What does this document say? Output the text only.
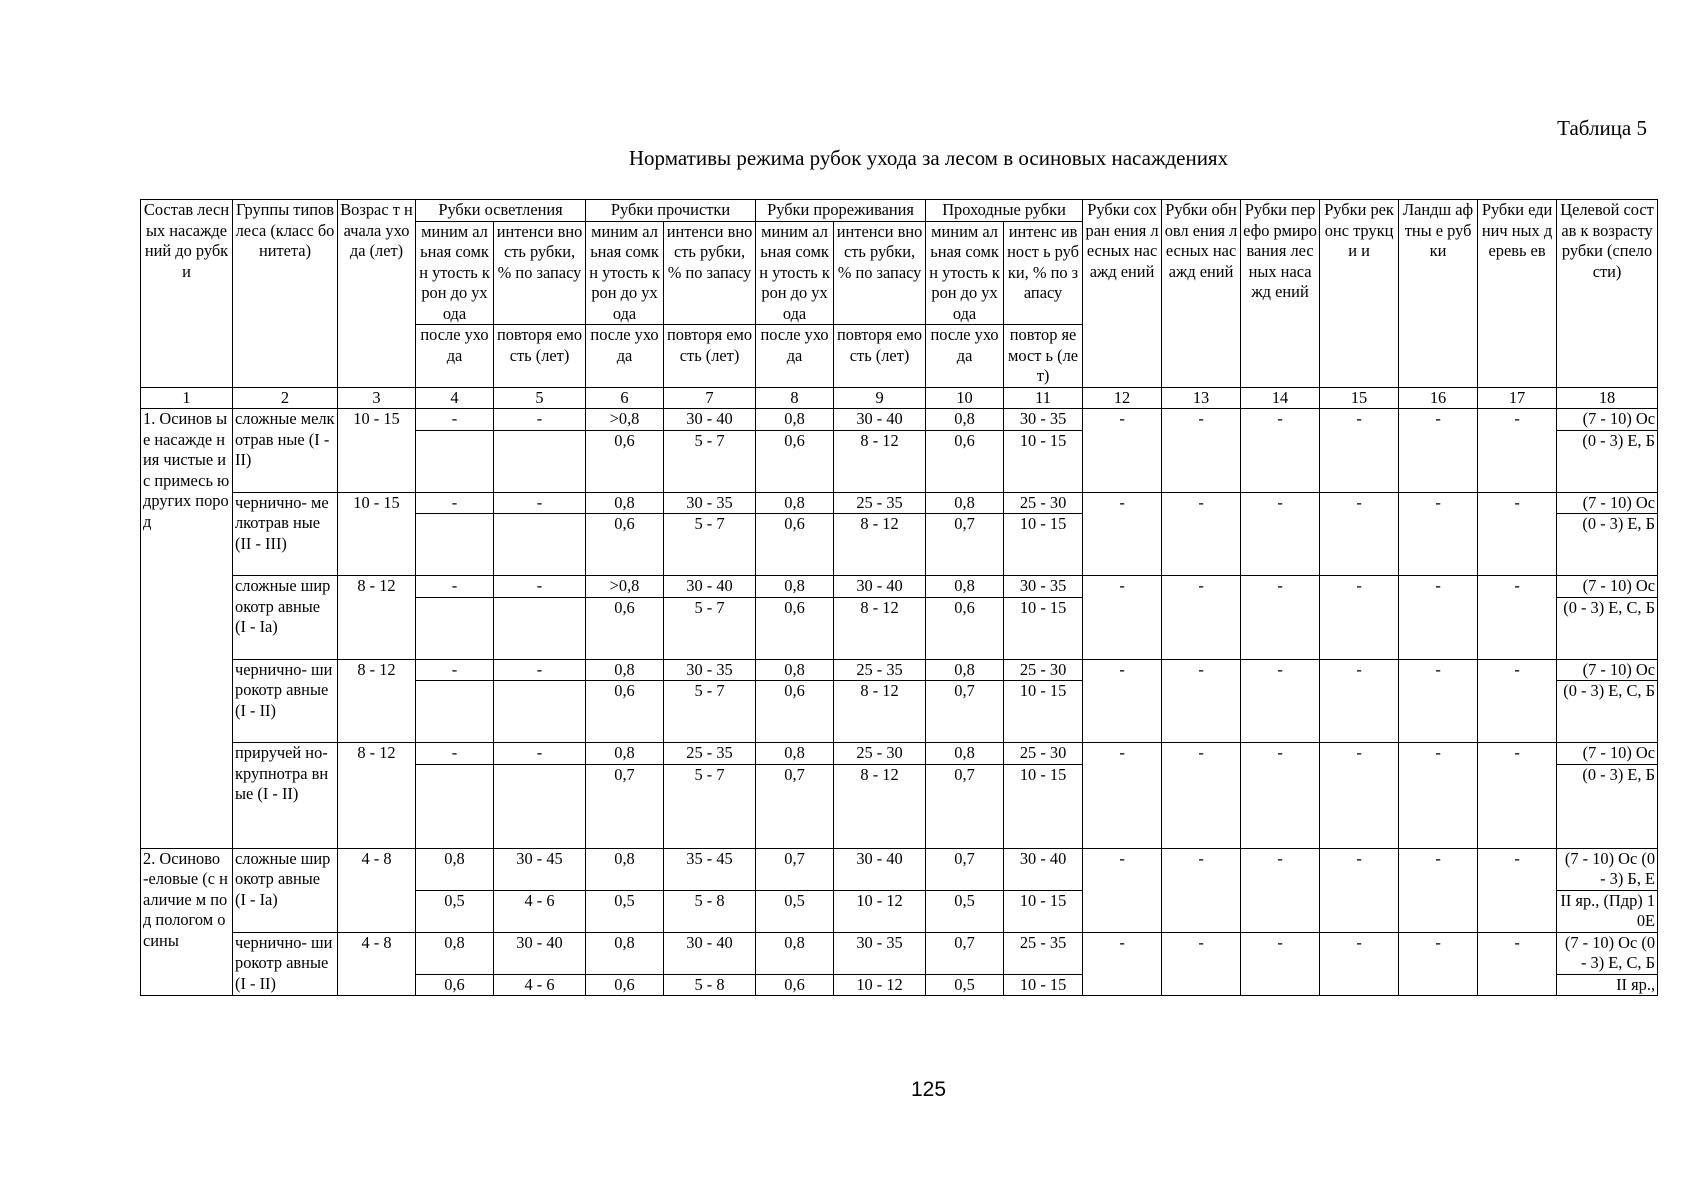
Таблица 5
Нормативы режима рубок ухода за лесом в осиновых насаждениях
Состав лесных насажде ний до рубки	Группы типов леса (класс бонитета)	Возрас т начала ухода (лет)	Рубки осветления		Рубки прочистки		Рубки прореживания		Проходные рубки		Рубки сохран ения лесных насажд ений	Рубки обновл ения лесных насажд ений	Рубки перефо рмиро вания лесных насажд ений	Рубки реконс трукци и	Ландш афтны е рубки	Рубки единич ных деревь ев	Целевой состав к возрасту рубки (спелости)
			миним альная сомкн утость крон до ухода	интенси вность рубки, % по запасу	миним альная сомкн утость крон до ухода	интенси вность рубки, % по запасу	миним альная сомкн утость крон до ухода	интенси вность рубки, % по запасу	миним альная сомкн утость крон до ухода	интенс ивност ь рубки, % по запасу							
			после ухода	повторя емость (лет)	после ухода	повторя емость (лет)	после ухода	повторя емость (лет)	после ухода	повтор яемост ь (лет)							
1	2	3	4	5	6	7	8	9	10	11	12	13	14	15	16	17	18
1. Осинов ые насажде ния чистые и с примесь ю других пород	сложные мелкотрав ные (I - II)	10 - 15	-	-	>0,8	30 - 40	0,8	30 - 40	0,8	30 - 35	-	-	-	-	-	-	(7 - 10) Ос
					0,6	5 - 7	0,6	8 - 12	0,6	10 - 15							(0 - 3) Е, Б
	чернично- мелкотрав ные (II - III)	10 - 15	-	-	0,8	30 - 35	0,8	25 - 35	0,8	25 - 30	-	-	-	-	-	-	(7 - 10) Ос
					0,6	5 - 7	0,6	8 - 12	0,7	10 - 15							(0 - 3) Е, Б
	сложные широкотр авные (I - Ia)	8 - 12	-	-	>0,8	30 - 40	0,8	30 - 40	0,8	30 - 35	-	-	-	-	-	-	(7 - 10) Ос
					0,6	5 - 7	0,6	8 - 12	0,6	10 - 15							(0 - 3) Е, С, Б
	чернично- широкотр авные (I - II)	8 - 12	-	-	0,8	30 - 35	0,8	25 - 35	0,8	25 - 30	-	-	-	-	-	-	(7 - 10) Ос
					0,6	5 - 7	0,6	8 - 12	0,7	10 - 15							(0 - 3) Е, С, Б
	приручей но- крупнотра вные (I - II)	8 - 12	-	-	0,8	25 - 35	0,8	25 - 30	0,8	25 - 30	-	-	-	-	-	-	(7 - 10) Ос
					0,7	5 - 7	0,7	8 - 12	0,7	10 - 15							(0 - 3) Е, Б
2. Осиново -еловые (с наличие м под пологом осины	сложные широкотр авные (I - Ia)	4 - 8	0,8	30 - 45	0,8	35 - 45	0,7	30 - 40	0,7	30 - 40	-	-	-	-	-	-	(7 - 10) Ос (0 - 3) Б, Е
			0,5	4 - 6	0,5	5 - 8	0,5	10 - 12	0,5	10 - 15							II яр., (Пдр) 10Е
	чернично- широкотр авные (I - II)	4 - 8	0,8	30 - 40	0,8	30 - 40	0,8	30 - 35	0,7	25 - 35	-	-	-	-	-	-	(7 - 10) Ос (0 - 3) Е, С, Б
			0,6	4 - 6	0,6	5 - 8	0,6	10 - 12	0,5	10 - 15							II яр.,
125
